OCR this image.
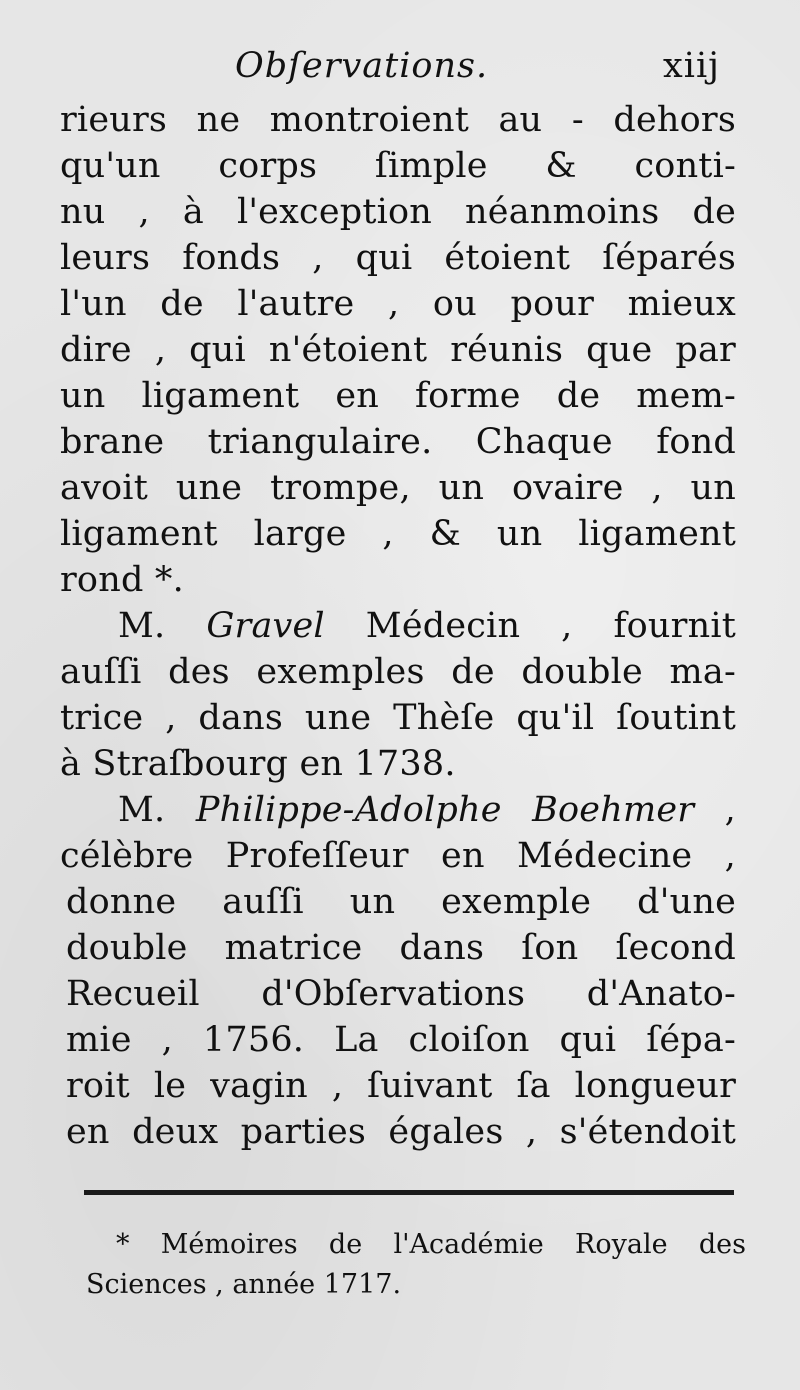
Obſervations.	xiij
rieurs ne montroient au - dehors
qu'un corps ſimple & conti-
nu , à l'exception néanmoins de
leurs fonds , qui étoient ſéparés
l'un de l'autre , ou pour mieux
dire , qui n'étoient réunis que par
un ligament en forme de mem-
brane triangulaire. Chaque fond
avoit une trompe, un ovaire , un
ligament large , & un ligament
rond *.
M. Gravel Médecin , fournit
auſſi des exemples de double ma-
trice , dans une Thèſe qu'il ſoutint
à Straſbourg en 1738.
M. Philippe-Adolphe Boehmer ,
célèbre Profeſſeur en Médecine ,
donne auſſi un exemple d'une
double matrice dans ſon ſecond
Recueil d'Obſervations d'Anato-
mie , 1756. La cloiſon qui ſépa-
roit le vagin , ſuivant ſa longueur
en deux parties égales , s'étendoit
* Mémoires de l'Académie Royale des
Sciences , année 1717.
